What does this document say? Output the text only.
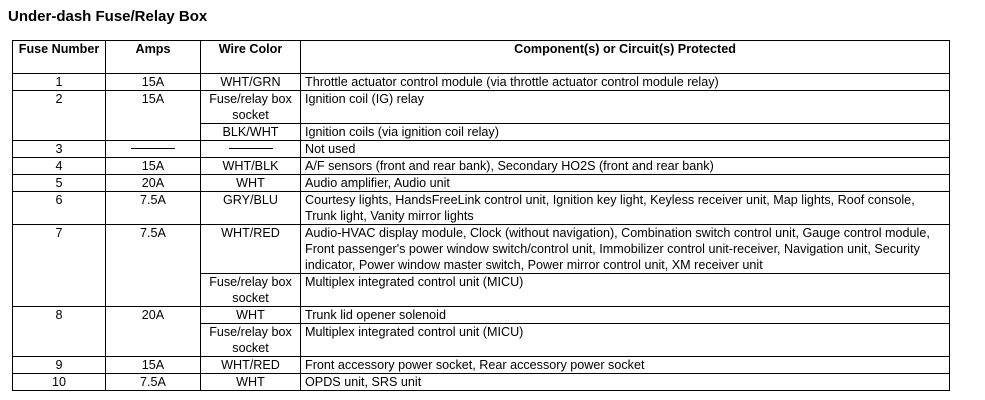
Under-dash Fuse/Relay Box
Fuse Number	Amps	Wire Color	Component(s) or Circuit(s) Protected
1	15A	WHT/GRN	Throttle actuator control module (via throttle actuator control module relay)
2	15A	Fuse/relay box socket	Ignition coil (IG) relay
		BLK/WHT	Ignition coils (via ignition coil relay)
3			Not used
4	15A	WHT/BLK	A/F sensors (front and rear bank), Secondary HO2S (front and rear bank)
5	20A	WHT	Audio amplifier, Audio unit
6	7.5A	GRY/BLU	Courtesy lights, HandsFreeLink control unit, Ignition key light, Keyless receiver unit, Map lights, Roof console, Trunk light, Vanity mirror lights
7	7.5A	WHT/RED	Audio-HVAC display module, Clock (without navigation), Combination switch control unit, Gauge control module, Front passenger's power window switch/control unit, Immobilizer control unit-receiver, Navigation unit, Security indicator, Power window master switch, Power mirror control unit, XM receiver unit
		Fuse/relay box socket	Multiplex integrated control unit (MICU)
8	20A	WHT	Trunk lid opener solenoid
		Fuse/relay box socket	Multiplex integrated control unit (MICU)
9	15A	WHT/RED	Front accessory power socket, Rear accessory power socket
10	7.5A	WHT	OPDS unit, SRS unit
